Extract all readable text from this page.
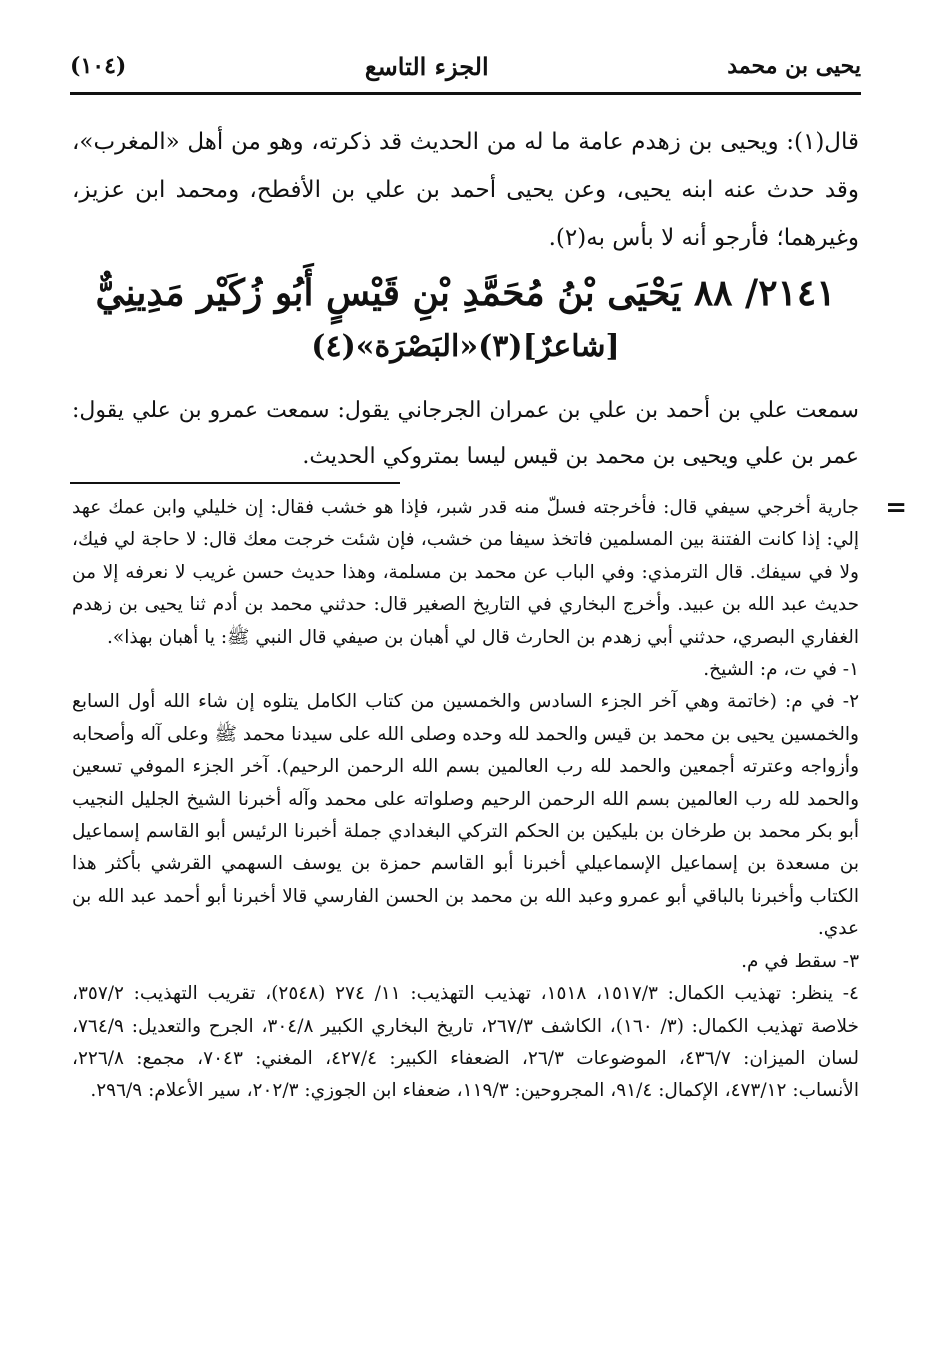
يحيى بن محمد
الجزء التاسع
(١٠٤)

قال(١): ويحيى بن زهدم عامة ما له من الحديث قد ذكرته، وهو من أهل «المغرب»، وقد حدث عنه ابنه يحيى، وعن يحيى أحمد بن علي بن الأفطح، ومحمد ابن عزيز، وغيرهما؛ فأرجو أنه لا بأس به(٢).

٢١٤١/ ٨٨ يَحْيَى بْنُ مُحَمَّدِ بْنِ قَيْسٍ أَبُو زُكَيْر مَدِينِيٌّ
[شاعرٌ](٣)«البَصْرَة»(٤)

سمعت علي بن أحمد بن علي بن عمران الجرجاني يقول: سمعت عمرو بن علي يقول: عمر بن علي ويحيى بن محمد بن قيس ليسا بمتروكي الحديث.

=

جارية أخرجي سيفي قال: فأخرجته فسلّ منه قدر شبر، فإذا هو خشب فقال: إن خليلي وابن عمك عهد إلي: إذا كانت الفتنة بين المسلمين فاتخذ سيفا من خشب، فإن شئت خرجت معك قال: لا حاجة لي فيك، ولا في سيفك. قال الترمذي: وفي الباب عن محمد بن مسلمة، وهذا حديث حسن غريب لا نعرفه إلا من حديث عبد الله بن عبيد. وأخرج البخاري في التاريخ الصغير قال: حدثني محمد بن أدم ثنا يحيى بن زهدم الغفاري البصري، حدثني أبي زهدم بن الحارث قال لي أهبان بن صيفي قال النبي ﷺ: يا أهبان بهذا».

١- في ت، م: الشيخ.

٢- في م: (خاتمة وهي آخر الجزء السادس والخمسين من كتاب الكامل يتلوه إن شاء الله أول السابع والخمسين يحيى بن محمد بن قيس والحمد لله وحده وصلى الله على سيدنا محمد ﷺ وعلى آله وأصحابه وأزواجه وعترته أجمعين والحمد لله رب العالمين بسم الله الرحمن الرحيم). آخر الجزء الموفي تسعين والحمد لله رب العالمين بسم الله الرحمن الرحيم وصلواته على محمد وآله أخبرنا الشيخ الجليل النجيب أبو بكر محمد بن طرخان بن بليكين بن الحكم التركي البغدادي جملة أخبرنا الرئيس أبو القاسم إسماعيل بن مسعدة بن إسماعيل الإسماعيلي أخبرنا أبو القاسم حمزة بن يوسف السهمي القرشي بأكثر هذا الكتاب وأخبرنا بالباقي أبو عمرو وعبد الله بن محمد بن الحسن الفارسي قالا أخبرنا أبو أحمد عبد الله بن عدي.

٣- سقط في م.

٤- ينظر: تهذيب الكمال: ١٥١٧/٣، ١٥١٨، تهذيب التهذيب: ١١/ ٢٧٤ (٢٥٤٨)، تقريب التهذيب: ٣٥٧/٢، خلاصة تهذيب الكمال: (٣/ ١٦٠)، الكاشف ٢٦٧/٣، تاريخ البخاري الكبير ٣٠٤/٨، الجرح والتعديل: ٧٦٤/٩، لسان الميزان: ٤٣٦/٧، الموضوعات ٢٦/٣، الضعفاء الكبير: ٤٢٧/٤، المغني: ٧٠٤٣، مجمع: ٢٢٦/٨، الأنساب: ٤٧٣/١٢، الإكمال: ٩١/٤، المجروحين: ١١٩/٣، ضعفاء ابن الجوزي: ٢٠٢/٣، سير الأعلام: ٢٩٦/٩.
